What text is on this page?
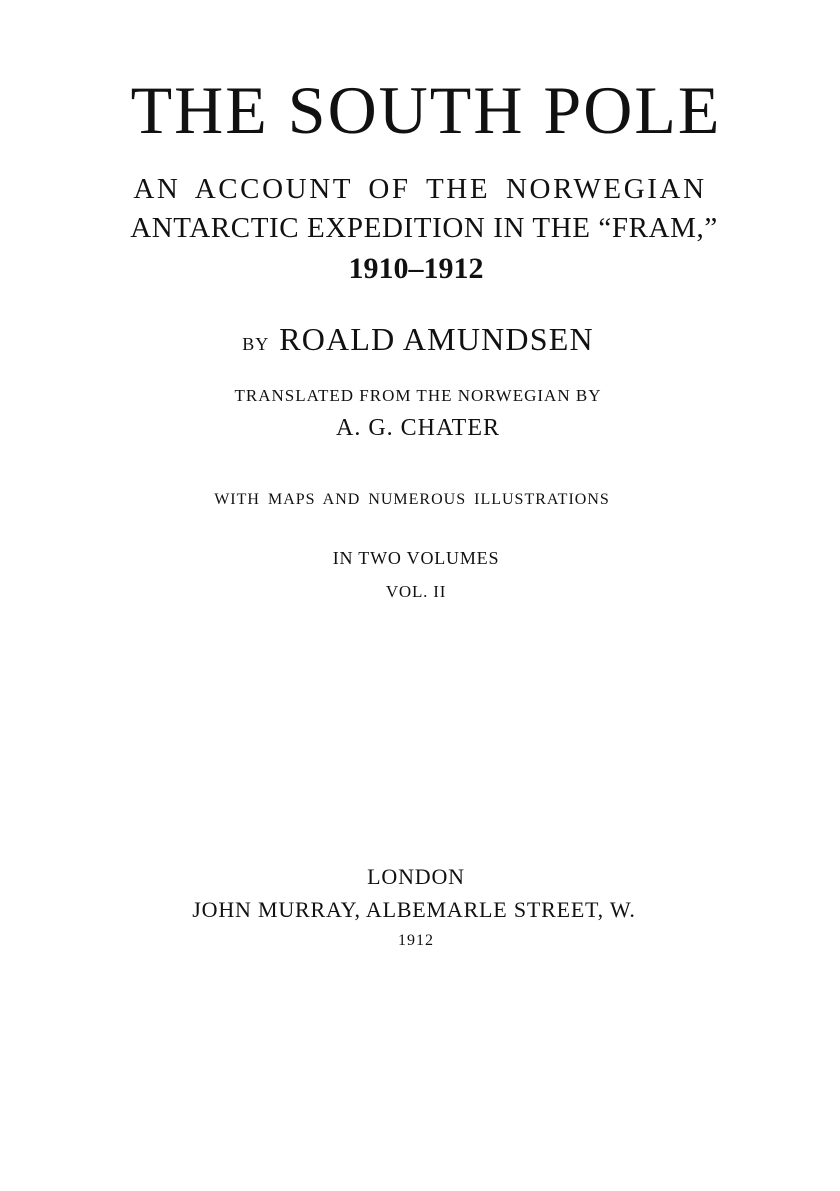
THE SOUTH POLE
AN ACCOUNT OF THE NORWEGIAN
ANTARCTIC EXPEDITION IN THE “FRAM,”
1910–1912
BY ROALD AMUNDSEN
TRANSLATED FROM THE NORWEGIAN BY
A. G. CHATER
WITH MAPS AND NUMEROUS ILLUSTRATIONS
IN TWO VOLUMES
VOL. II
LONDON
JOHN MURRAY, ALBEMARLE STREET, W.
1912
